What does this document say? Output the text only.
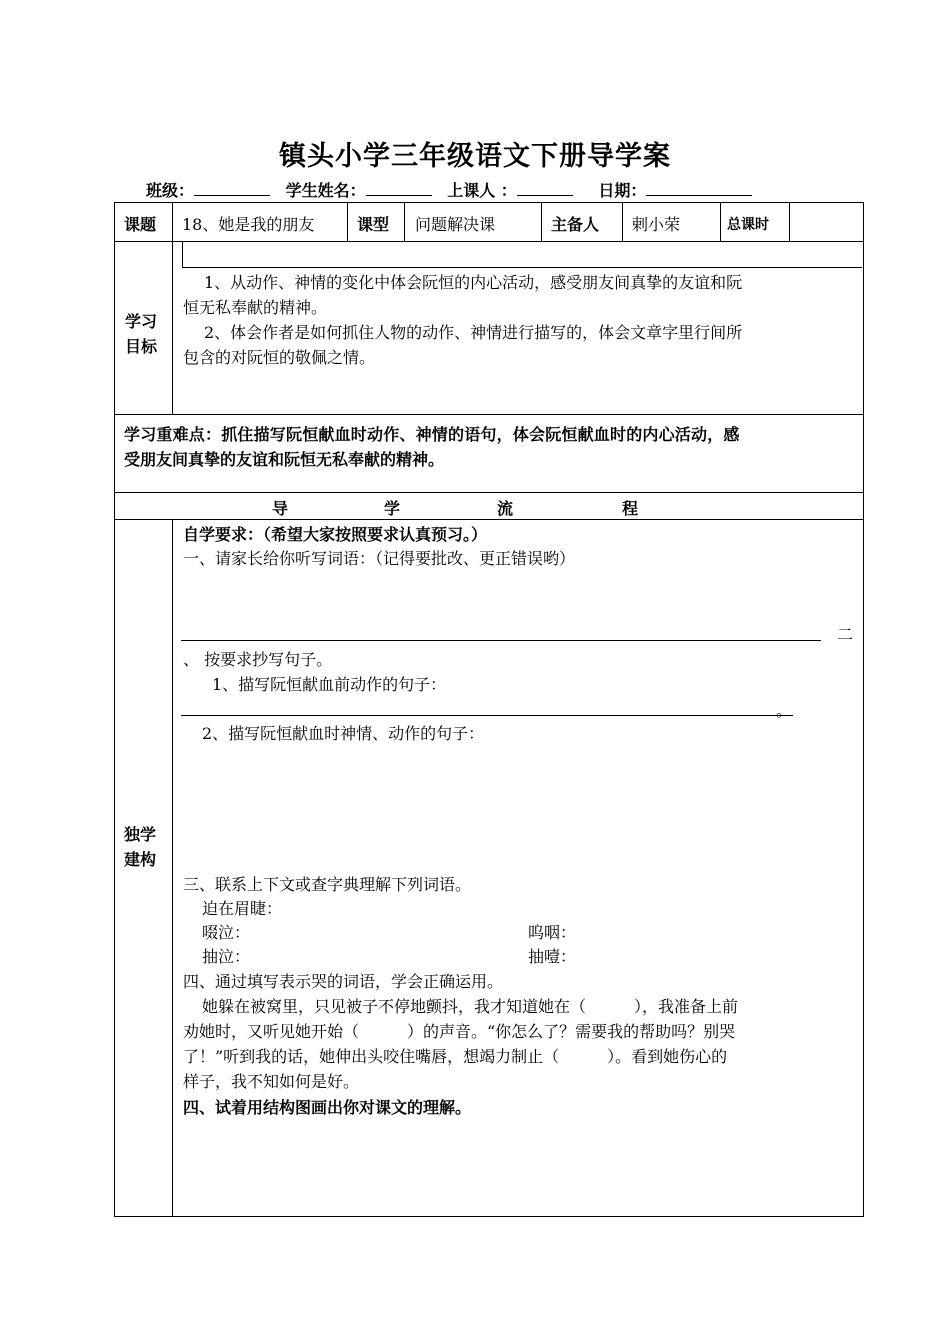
镇头小学三年级语文下册导学案
班级：	学生姓名：	上课人 ：	日期：
课题 18、她是我的朋友	课型 问题解决课	主备人 剌小荣	总课时
学习
目标
1、从动作、神情的变化中体会阮恒的内心活动，感受朋友间真挚的友谊和阮
恒无私奉献的精神。
2、体会作者是如何抓住人物的动作、神情进行描写的，体会文章字里行间所
包含的对阮恒的敬佩之情。
学习重难点：抓住描写阮恒献血时动作、神情的语句，体会阮恒献血时的内心活动，感
受朋友间真挚的友谊和阮恒无私奉献的精神。
导	学	流	程
独学
建构
自学要求：（希望大家按照要求认真预习。）
一、请家长给你听写词语：（记得要批改、更正错误哟）
二
、 按要求抄写句子。
1、描写阮恒献血前动作的句子：
。
2、描写阮恒献血时神情、动作的句子：
三、联系上下文或查字典理解下列词语。
迫在眉睫：
啜泣：	呜咽：
抽泣：	抽噎：
四、通过填写表示哭的词语，学会正确运用。
她躲在被窝里，只见被子不停地颤抖，我才知道她在（　　　），我准备上前
劝她时，又听见她开始（　　　）的声音。“你怎么了？需要我的帮助吗？别哭
了！”听到我的话，她伸出头咬住嘴唇，想竭力制止（　　　）。看到她伤心的
样子，我不知如何是好。
四、试着用结构图画出你对课文的理解。
